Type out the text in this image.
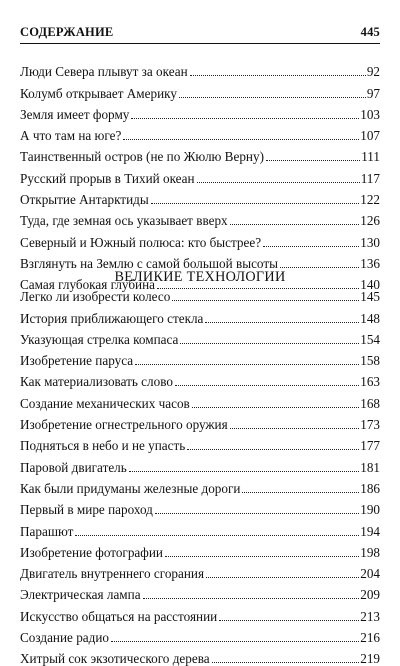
СОДЕРЖАНИЕ	445
Люди Севера плывут за океан	92
Колумб открывает Америку	97
Земля имеет форму	103
А что там на юге?	107
Таинственный остров (не по Жюлю Верну)	111
Русский прорыв в Тихий океан	117
Открытие Антарктиды	122
Туда, где земная ось указывает вверх	126
Северный и Южный полюса: кто быстрее?	130
Взглянуть на Землю с самой большой высоты	136
Самая глубокая глубина	140
ВЕЛИКИЕ ТЕХНОЛОГИИ
Легко ли изобрести колесо	145
История приближающего стекла	148
Указующая стрелка компаса	154
Изобретение паруса	158
Как материализовать слово	163
Создание механических часов	168
Изобретение огнестрельного оружия	173
Подняться в небо и не упасть	177
Паровой двигатель	181
Как были придуманы железные дороги	186
Первый в мире пароход	190
Парашют	194
Изобретение фотографии	198
Двигатель внутреннего сгорания	204
Электрическая лампа	209
Искусство общаться на расстоянии	213
Создание радио	216
Хитрый сок экзотического дерева	219
